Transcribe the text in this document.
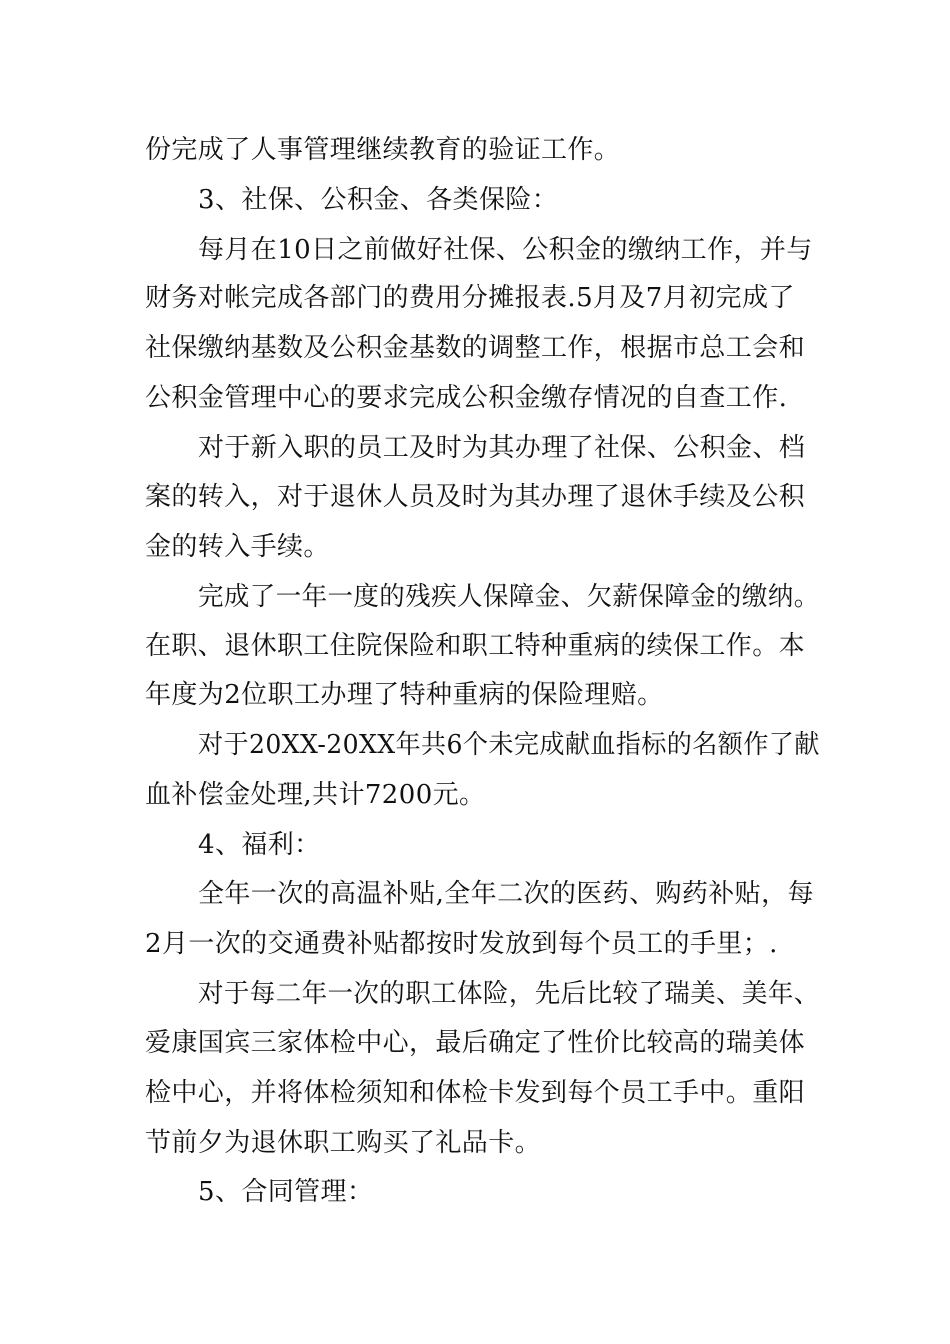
份完成了人事管理继续教育的验证工作。

3、社保、公积金、各类保险：

每月在10日之前做好社保、公积金的缴纳工作，并与

财务对帐完成各部门的费用分摊报表.5月及7月初完成了

社保缴纳基数及公积金基数的调整工作，根据市总工会和

公积金管理中心的要求完成公积金缴存情况的自查工作.

对于新入职的员工及时为其办理了社保、公积金、档

案的转入，对于退休人员及时为其办理了退休手续及公积

金的转入手续。

完成了一年一度的残疾人保障金、欠薪保障金的缴纳。

在职、退休职工住院保险和职工特种重病的续保工作。本

年度为2位职工办理了特种重病的保险理赔。

对于20XX-20XX年共6个未完成献血指标的名额作了献

血补偿金处理,共计7200元。

4、福利：

全年一次的高温补贴,全年二次的医药、购药补贴，每

2月一次的交通费补贴都按时发放到每个员工的手里；.

对于每二年一次的职工体险，先后比较了瑞美、美年、

爱康国宾三家体检中心，最后确定了性价比较高的瑞美体

检中心，并将体检须知和体检卡发到每个员工手中。重阳

节前夕为退休职工购买了礼品卡。

5、合同管理：
